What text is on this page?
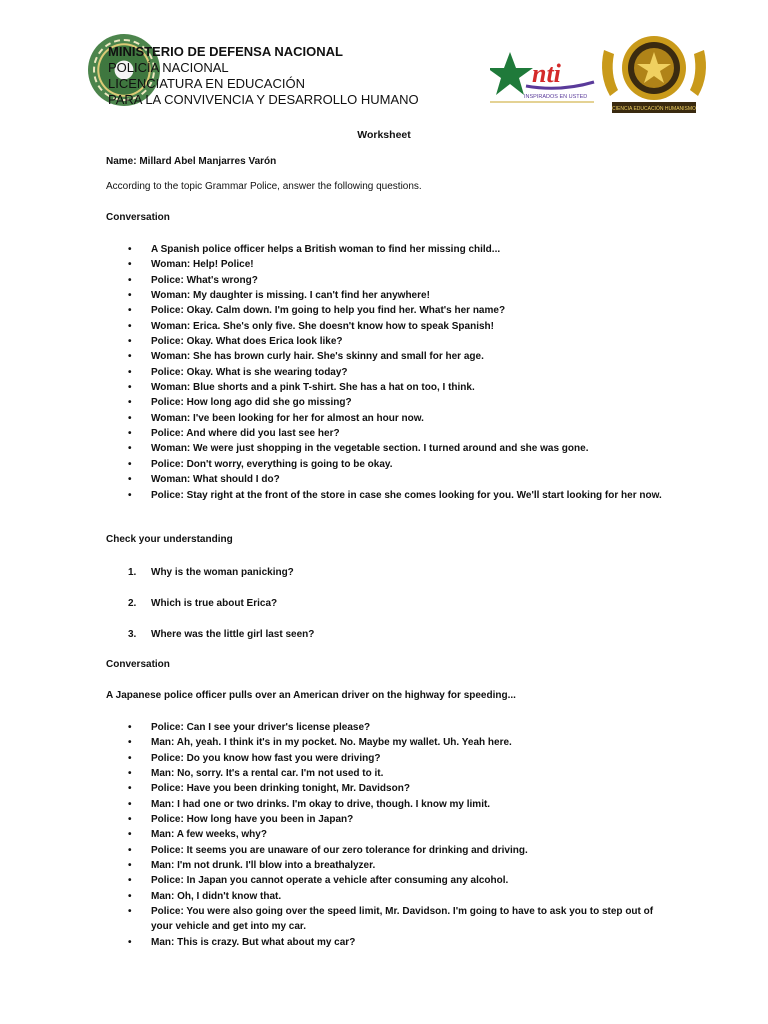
MINISTERIO DE DEFENSA NACIONAL
POLICÍA NACIONAL
LICENCIATURA EN EDUCACIÓN
PARA LA CONVIVENCIA Y DESARROLLO HUMANO
nti
INSPIRADOS EN USTED
CIENCIA EDUCACIÓN HUMANISMO
Worksheet
Name: Millard Abel Manjarres Varón
According to the topic Grammar Police, answer the following questions.
Conversation
• A Spanish police officer helps a British woman to find her missing child...
• Woman: Help! Police!
• Police: What's wrong?
• Woman: My daughter is missing. I can't find her anywhere!
• Police: Okay. Calm down. I'm going to help you find her. What's her name?
• Woman: Erica. She's only five. She doesn't know how to speak Spanish!
• Police: Okay. What does Erica look like?
• Woman: She has brown curly hair. She's skinny and small for her age.
• Police: Okay. What is she wearing today?
• Woman: Blue shorts and a pink T-shirt. She has a hat on too, I think.
• Police: How long ago did she go missing?
• Woman: I've been looking for her for almost an hour now.
• Police: And where did you last see her?
• Woman: We were just shopping in the vegetable section. I turned around and she was gone.
• Police: Don't worry, everything is going to be okay.
• Woman: What should I do?
• Police: Stay right at the front of the store in case she comes looking for you. We'll start looking for her now.
Check your understanding
1. Why is the woman panicking?
2. Which is true about Erica?
3. Where was the little girl last seen?
Conversation
A Japanese police officer pulls over an American driver on the highway for speeding...
• Police: Can I see your driver's license please?
• Man: Ah, yeah. I think it's in my pocket. No. Maybe my wallet. Uh. Yeah here.
• Police: Do you know how fast you were driving?
• Man: No, sorry. It's a rental car. I'm not used to it.
• Police: Have you been drinking tonight, Mr. Davidson?
• Man: I had one or two drinks. I'm okay to drive, though. I know my limit.
• Police: How long have you been in Japan?
• Man: A few weeks, why?
• Police: It seems you are unaware of our zero tolerance for drinking and driving.
• Man: I'm not drunk. I'll blow into a breathalyzer.
• Police: In Japan you cannot operate a vehicle after consuming any alcohol.
• Man: Oh, I didn't know that.
• Police: You were also going over the speed limit, Mr. Davidson. I'm going to have to ask you to step out of your vehicle and get into my car.
• Man: This is crazy. But what about my car?
